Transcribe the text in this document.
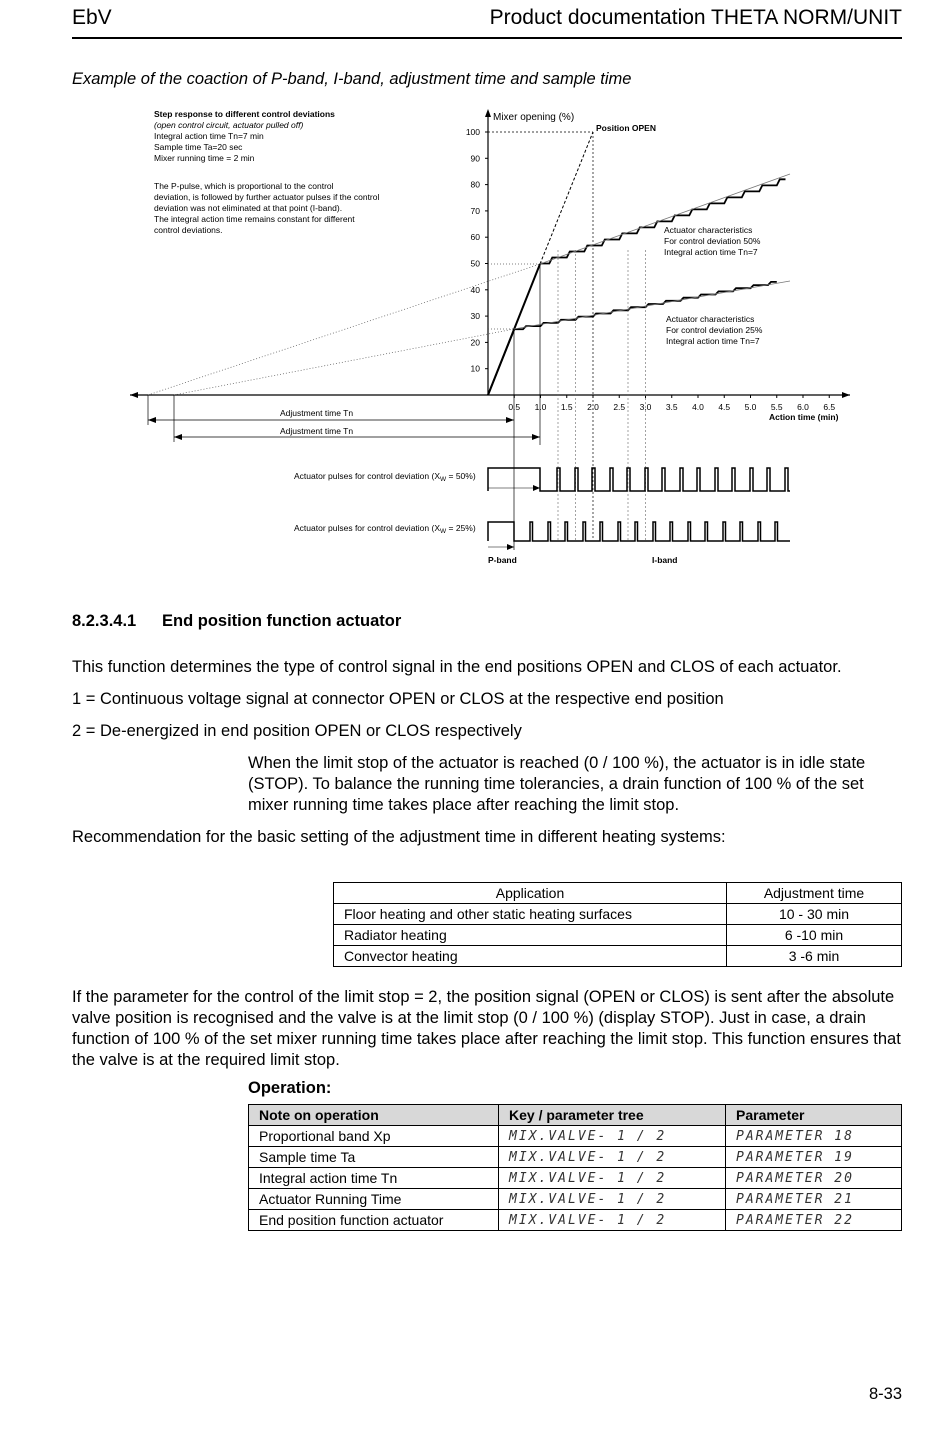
EbV	Product documentation THETA NORM/UNIT
Example of the coaction of P-band, I-band, adjustment time and sample time
Step response to different control deviations
(open control circuit, actuator pulled off)
Integral action time Tn=7 min
Sample time Ta=20 sec
Mixer running time = 2 min
The P-pulse, which is proportional to the control
deviation, is followed by further actuator pulses if the control
deviation was not eliminated at that point (I-band).
The integral action time remains constant for different
control deviations.
Mixer opening (%)
10
20
30
40
50
60
70
80
90
100
0.5 1.0 1.5 2.0 2.5 3.0 3.5 4.0 4.5 5.0 5.5 6.0 6.5
Action time (min)
Position OPEN
Actuator characteristics
For control deviation 50%
Integral action time Tn=7
Actuator characteristics
For control deviation 25%
Integral action time Tn=7
Adjustment time Tn
Adjustment time Tn
Actuator pulses for control deviation $(X_W = 50\%)$
Actuator pulses for control deviation $(X_W = 25\%)$
P-band	I-band
8.2.3.4.1 End position function actuator
This function determines the type of control signal in the end positions OPEN and CLOS of each actuator.
1 = Continuous voltage signal at connector OPEN or CLOS at the respective end position
2 = De-energized in end position OPEN or CLOS respectively
When the limit stop of the actuator is reached (0 / 100 %), the actuator is in idle state (STOP). To balance the running time tolerancies, a drain function of 100 % of the set mixer running time takes place after reaching the limit stop.
Recommendation for the basic setting of the adjustment time in different heating systems:
Application	Adjustment time
Floor heating and other static heating surfaces	10 - 30 min
Radiator heating	6 -10 min
Convector heating	3 -6 min
If the parameter for the control of the limit stop = 2, the position signal (OPEN or CLOS) is sent after the absolute valve position is recognised and the valve is at the limit stop (0 / 100 %) (display STOP). Just in case, a drain function of 100 % of the set mixer running time takes place after reaching the limit stop. This function ensures that the valve is at the required limit stop.
Operation:
Note on operation	Key / parameter tree	Parameter
Proportional band Xp	MIX.VALVE- 1 / 2	PARAMETER 18
Sample time Ta	MIX.VALVE- 1 / 2	PARAMETER 19
Integral action time Tn	MIX.VALVE- 1 / 2	PARAMETER 20
Actuator Running Time	MIX.VALVE- 1 / 2	PARAMETER 21
End position function actuator	MIX.VALVE- 1 / 2	PARAMETER 22
8-33
